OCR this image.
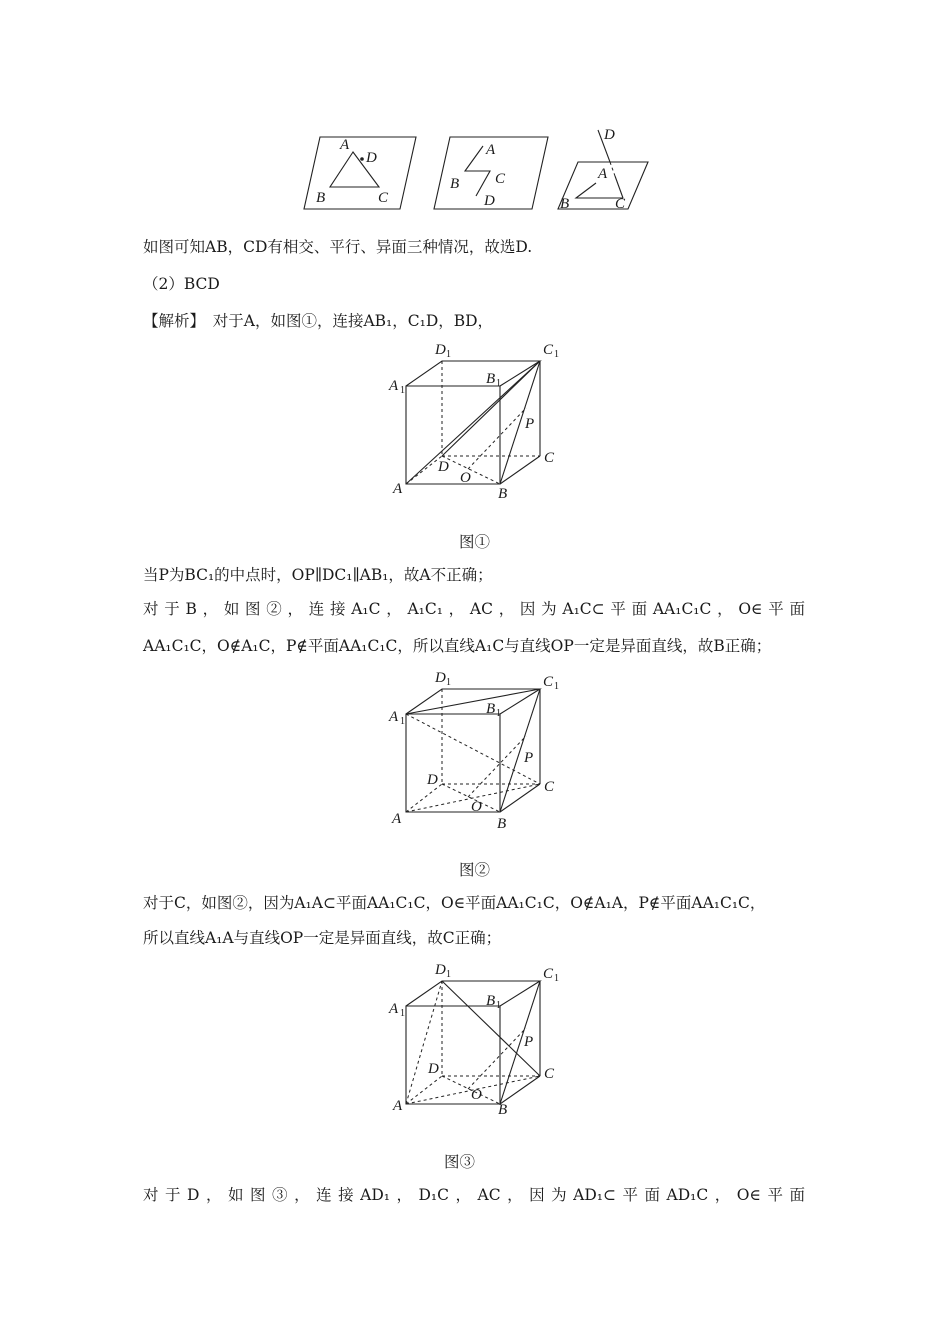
A
D
B	C
A
B C
D
D
A
B	C
如图可知AB，CD有相交、平行、异面三种情况，故选D.
（2）BCD
【解析】　对于A，如图①，连接AB₁，C₁D，BD，
D 1	C 1
A 1
B 1
P
C
D
O
A	B
图①
当P为BC₁的中点时，OP∥DC₁∥AB₁，故A不正确；
对于B，如图②，连接A₁C，A₁C₁，AC，因为A₁C⊂平面AA₁C₁C，O∈平面
AA₁C₁C，O∉A₁C，P∉平面AA₁C₁C，所以直线A₁C与直线OP一定是异面直线，故B正确；
D 1	C 1
A 1
B 1
P
C
D
O
A	B
图②
对于C，如图②，因为A₁A⊂平面AA₁C₁C，O∈平面AA₁C₁C，O∉A₁A，P∉平面AA₁C₁C，
所以直线A₁A与直线OP一定是异面直线，故C正确；
D 1	C 1
A 1
B 1
P
C
D
O
A	B
图③
对于D，如图③，连接AD₁，D₁C，AC，因为AD₁⊂平面AD₁C，O∈平面
